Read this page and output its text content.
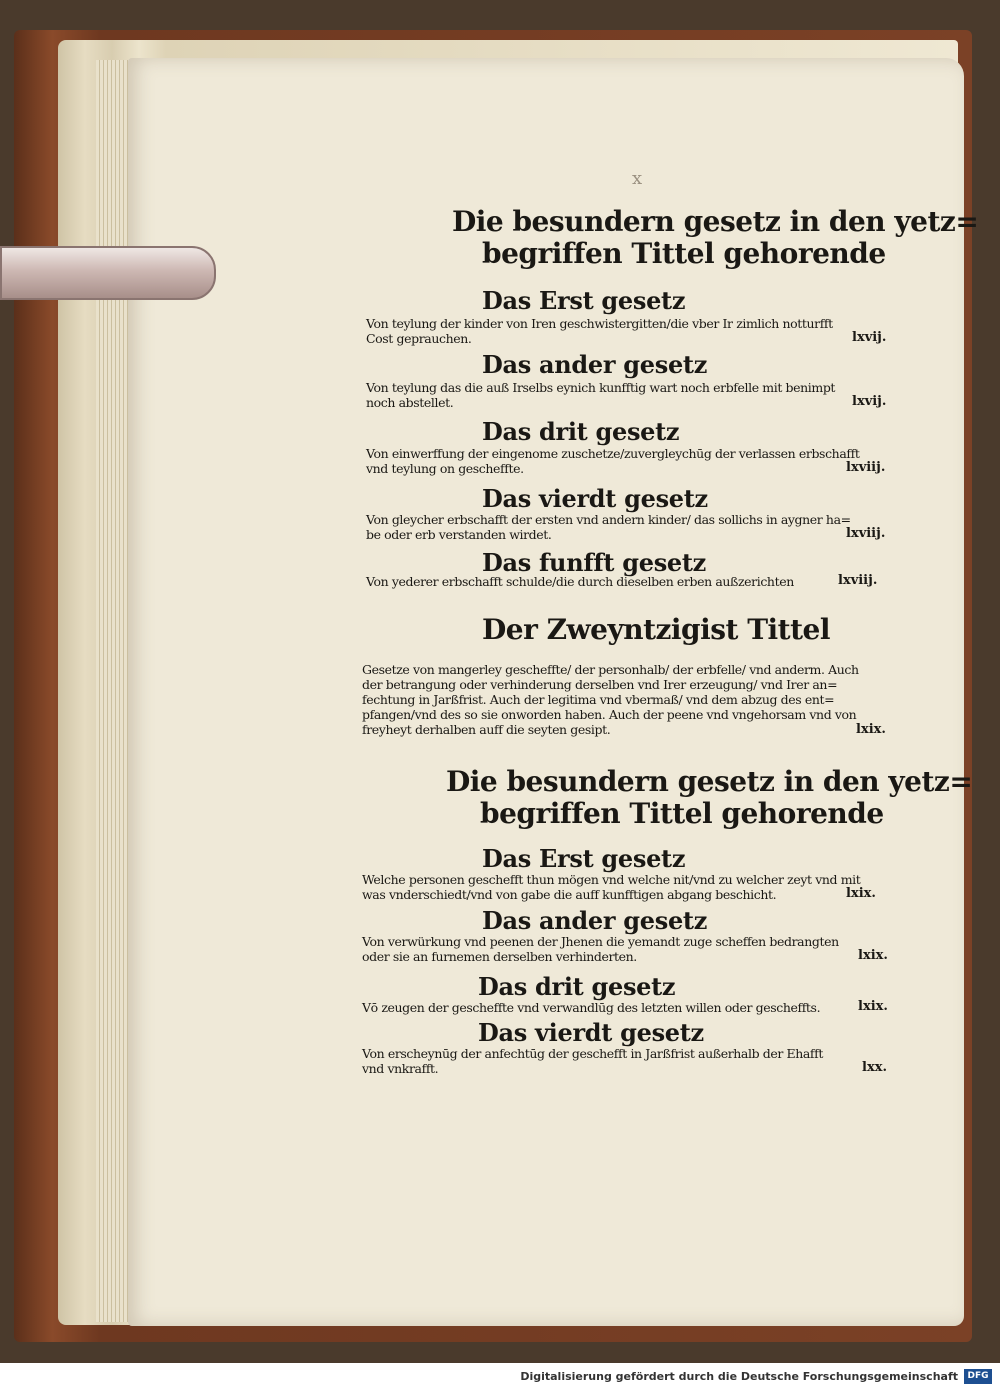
x
Die besundern gesetz in den yetz=
begriffen Tittel gehorende
Das Erst gesetz
Von teylung der kinder von Iren geschwistergitten/die vber Ir zimlich notturfft
Cost geprauchen.	lxvij.
Das ander gesetz
Von teylung das die auß Irselbs eynich kunfftig wart noch erbfelle mit benimpt
noch abstellet.	lxvij.
Das drit gesetz
Von einwerffung der eingenome zuschetze/zuvergleychūg der verlassen erbschafft
vnd teylung on gescheffte.	lxviij.
Das vierdt gesetz
Von gleycher erbschafft der ersten vnd andern kinder/ das sollichs in aygner ha=
be oder erb verstanden wirdet.	lxviij.
Das funfft gesetz
Von yederer erbschafft schulde/die durch dieselben erben außzerichten	lxviij.
Der Zweyntzigist Tittel
Gesetze von mangerley gescheffte/ der personhalb/ der erbfelle/ vnd anderm. Auch
der betrangung oder verhinderung derselben vnd Irer erzeugung/ vnd Irer an=
fechtung in Jarßfrist. Auch der legitima vnd vbermaß/ vnd dem abzug des ent=
pfangen/vnd des so sie onworden haben. Auch der peene vnd vngehorsam vnd von
freyheyt derhalben auff die seyten gesipt.	lxix.
Die besundern gesetz in den yetz=
begriffen Tittel gehorende
Das Erst gesetz
Welche personen geschefft thun mögen vnd welche nit/vnd zu welcher zeyt vnd mit
was vnderschiedt/vnd von gabe die auff kunfftigen abgang beschicht.	lxix.
Das ander gesetz
Von verwürkung vnd peenen der Jhenen die yemandt zuge scheffen bedrangten
oder sie an furnemen derselben verhinderten.	lxix.
Das drit gesetz
Vō zeugen der gescheffte vnd verwandlūg des letzten willen oder gescheffts.	lxix.
Das vierdt gesetz
Von erscheynūg der anfechtūg der geschefft in Jarßfrist außerhalb der Ehafft
vnd vnkrafft.	lxx.
Digitalisierung gefördert durch die Deutsche Forschungsgemeinschaft	DFG
